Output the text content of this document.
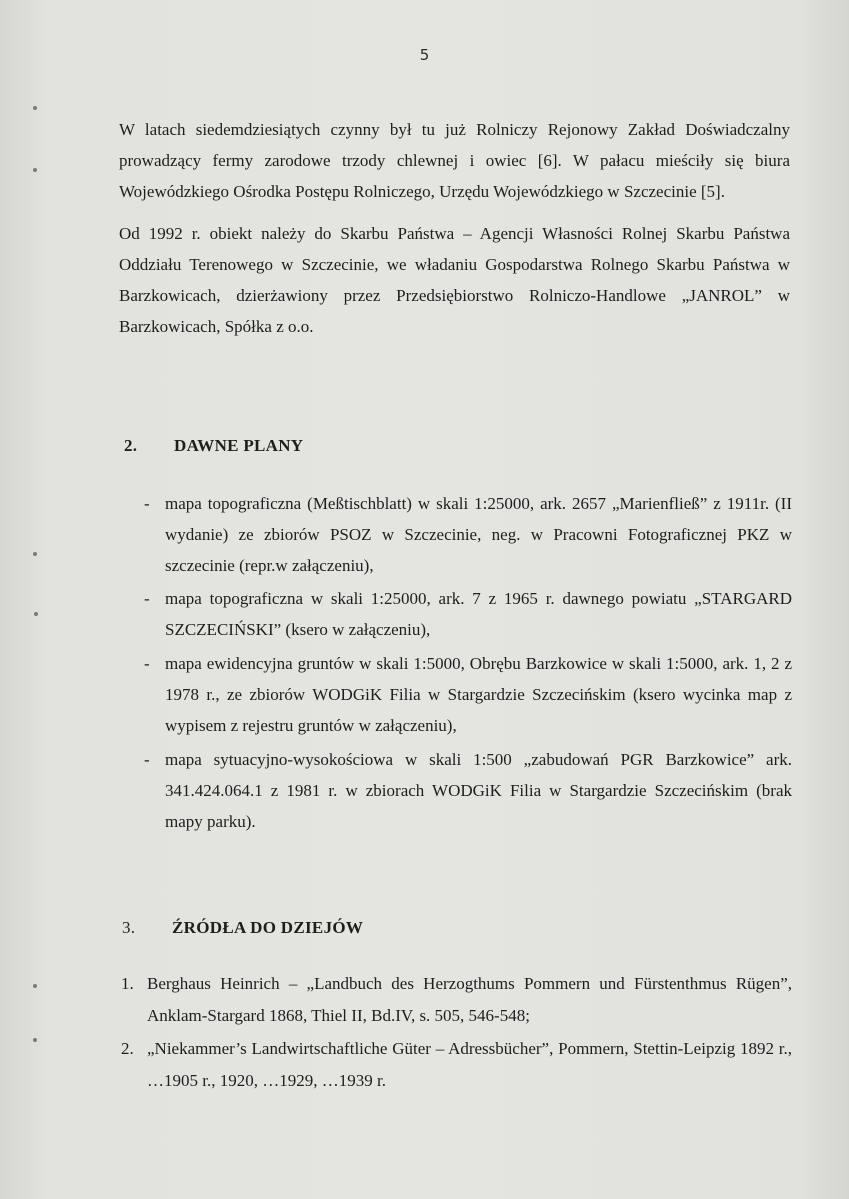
5

W latach siedemdziesiątych czynny był tu już Rolniczy Rejonowy Zakład Doświadczalny prowadzący fermy zarodowe trzody chlewnej i owiec [6]. W pałacu mieściły się biura Wojewódzkiego Ośrodka Postępu Rolniczego, Urzędu Wojewódzkiego w Szczecinie [5].

Od 1992 r. obiekt należy do Skarbu Państwa – Agencji Własności Rolnej Skarbu Państwa Oddziału Terenowego w Szczecinie, we władaniu Gospodarstwa Rolnego Skarbu Państwa w Barzkowicach, dzierżawiony przez Przedsiębiorstwo Rolniczo-Handlowe „JANROL” w Barzkowicach, Spółka z o.o.

2. DAWNE PLANY
- mapa topograficzna (Meßtischblatt) w skali 1:25000, ark. 2657 „Marienfließ” z 1911r. (II wydanie) ze zbiorów PSOZ w Szczecinie, neg. w Pracowni Fotograficznej PKZ w szczecinie (repr.w załączeniu),
- mapa topograficzna w skali 1:25000, ark. 7 z 1965 r. dawnego powiatu „STARGARD SZCZECIŃSKI” (ksero w załączeniu),
- mapa ewidencyjna gruntów w skali 1:5000, Obrębu Barzkowice w skali 1:5000, ark. 1, 2 z 1978 r., ze zbiorów WODGiK Filia w Stargardzie Szczecińskim (ksero wycinka map z wypisem z rejestru gruntów w załączeniu),
- mapa sytuacyjno-wysokościowa w skali 1:500 „zabudowań PGR Barzkowice” ark. 341.424.064.1 z 1981 r. w zbiorach WODGiK Filia w Stargardzie Szczecińskim (brak mapy parku).
3. ŹRÓDŁA DO DZIEJÓW
1. Berghaus Heinrich – „Landbuch des Herzogthums Pommern und Fürstenthmus Rügen”, Anklam-Stargard 1868, Thiel II, Bd.IV, s. 505, 546-548;
2. „Niekammer’s Landwirtschaftliche Güter – Adressbücher”, Pommern, Stettin-Leipzig 1892 r., …1905 r., 1920, …1929, …1939 r.
